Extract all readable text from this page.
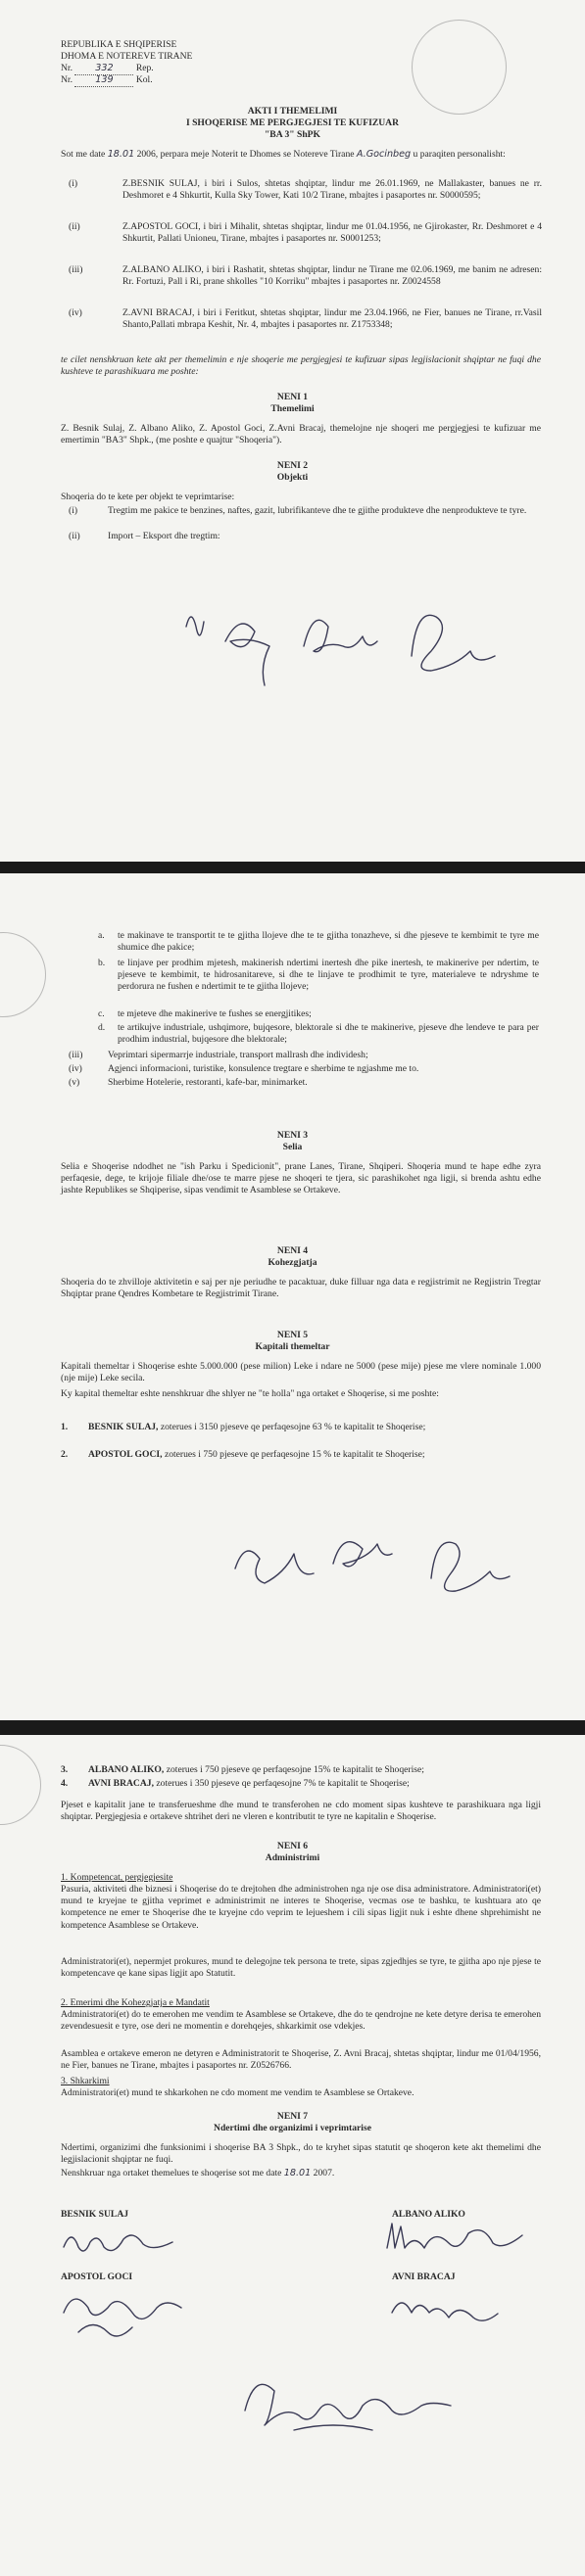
REPUBLIKA E SHQIPERISE
DHOMA E NOTEREVE TIRANE
Nr. 332 Rep.
Nr. 139 Kol.
AKTI I THEMELIMI
I SHOQERISE ME PERGJEGJESI TE KUFIZUAR
"BA 3" ShPK
Sot me date 18.01 2006, perpara meje Noterit te Dhomes se Notereve Tirane A.Gocinbeg u paraqiten personalisht:
(i)	Z.BESNIK SULAJ, i biri i Sulos, shtetas shqiptar, lindur me 26.01.1969, ne Mallakaster, banues ne rr. Deshmoret e 4 Shkurtit, Kulla Sky Tower, Kati 10/2 Tirane, mbajtes i pasaportes nr. S0000595;
(ii)	Z.APOSTOL GOCI, i biri i Mihalit, shtetas shqiptar, lindur me 01.04.1956, ne Gjirokaster, Rr. Deshmoret e 4 Shkurtit, Pallati Unioneu, Tirane, mbajtes i pasaportes nr. S0001253;
(iii)	Z.ALBANO ALIKO, i biri i Rashatit, shtetas shqiptar, lindur ne Tirane me 02.06.1969, me banim ne adresen: Rr. Fortuzi, Pall i Ri, prane shkolles "10 Korriku" mbajtes i pasaportes nr. Z0024558
(iv)	Z.AVNI BRACAJ, i biri i Feritkut, shtetas shqiptar, lindur me 23.04.1966, ne Fier, banues ne Tirane, rr.Vasil Shanto,Pallati mbrapa Keshit, Nr. 4, mbajtes i pasaportes nr. Z1753348;
te cilet nenshkruan kete akt per themelimin e nje shoqerie me pergjegjesi te kufizuar sipas legjislacionit shqiptar ne fuqi dhe kushteve te parashikuara me poshte:
NENI 1
Themelimi
Z. Besnik Sulaj, Z. Albano Aliko, Z. Apostol Goci, Z.Avni Bracaj, themelojne nje shoqeri me pergjegjesi te kufizuar me emertimin "BA3" Shpk., (me poshte e quajtur "Shoqeria").
NENI 2
Objekti
Shoqeria do te kete per objekt te veprimtarise:
(i)	Tregtim me pakice te benzines, naftes, gazit, lubrifikanteve dhe te gjithe produkteve dhe nenprodukteve te tyre.
(ii)	Import – Eksport dhe tregtim:
a. te makinave te transportit te te gjitha llojeve dhe te te gjitha tonazheve, si dhe pjeseve te kembimit te tyre me shumice dhe pakice;
b. te linjave per prodhim mjetesh, makinerish ndertimi inertesh dhe pike inertesh, te makinerive per ndertim, te pjeseve te kembimit, te hidrosanitareve, si dhe te linjave te prodhimit te tyre, materialeve te ndryshme te perdorura ne fushen e ndertimit te te gjitha llojeve;
c. te mjeteve dhe makinerive te fushes se energjitikes;
d. te artikujve industriale, ushqimore, bujqesore, blektorale si dhe te makinerive, pjeseve dhe lendeve te para per prodhim industrial, bujqesore dhe blektorale;
(iii)	Veprimtari sipermarrje industriale, transport mallrash dhe individesh;
(iv)	Agjenci informacioni, turistike, konsulence tregtare e sherbime te ngjashme me to.
(v)	Sherbime Hotelerie, restoranti, kafe-bar, minimarket.
NENI 3
Selia
Selia e Shoqerise ndodhet ne "ish Parku i Spedicionit", prane Lanes, Tirane, Shqiperi. Shoqeria mund te hape edhe zyra perfaqesie, dege, te krijoje filiale dhe/ose te marre pjese ne shoqeri te tjera, sic parashikohet nga ligji, si brenda ashtu edhe jashte Republikes se Shqiperise, sipas vendimit te Asamblese se Ortakeve.
NENI 4
Kohezgjatja
Shoqeria do te zhvilloje aktivitetin e saj per nje periudhe te pacaktuar, duke filluar nga data e regjistrimit ne Regjistrin Tregtar Shqiptar prane Qendres Kombetare te Regjistrimit Tirane.
NENI 5
Kapitali themeltar
Kapitali themeltar i Shoqerise eshte 5.000.000 (pese milion) Leke i ndare ne 5000 (pese mije) pjese me vlere nominale 1.000 (nje mije) Leke secila.
Ky kapital themeltar eshte nenshkruar dhe shlyer ne "te holla" nga ortaket e Shoqerise, si me poshte:
1. BESNIK SULAJ, zoterues i 3150 pjeseve qe perfaqesojne 63 % te kapitalit te Shoqerise;
2. APOSTOL GOCI, zoterues i 750 pjeseve qe perfaqesojne 15 % te kapitalit te Shoqerise;
3. ALBANO ALIKO, zoterues i 750 pjeseve qe perfaqesojne 15% te kapitalit te Shoqerise;
4. AVNI BRACAJ, zoterues i 350 pjeseve qe perfaqesojne 7% te kapitalit te Shoqerise;
Pjeset e kapitalit jane te transferueshme dhe mund te transferohen ne cdo moment sipas kushteve te parashikuara nga ligji shqiptar. Pergjegjesia e ortakeve shtrihet deri ne vleren e kontributit te tyre ne kapitalin e Shoqerise.
NENI 6
Administrimi
1. Kompetencat, pergjegjesite
Pasuria, aktiviteti dhe biznesi i Shoqerise do te drejtohen dhe administrohen nga nje ose disa administratore. Administratori(et) mund te kryejne te gjitha veprimet e administrimit ne interes te Shoqerise, vecmas ose te bashku, te kushtuara ato qe kompetence ne emer te Shoqerise dhe te kryejne cdo veprim te lejueshem i cili sipas ligjit nuk i eshte dhene shprehimisht ne kompetence Asamblese se Ortakeve.
Administratori(et), nepermjet prokures, mund te delegojne tek persona te trete, sipas zgjedhjes se tyre, te gjitha apo nje pjese te kompetencave qe kane sipas ligjit apo Statutit.
2. Emerimi dhe Kohezgjatja e Mandatit
Administratori(et) do te emerohen me vendim te Asamblese se Ortakeve, dhe do te qendrojne ne kete detyre derisa te emerohen zevendesuesit e tyre, ose deri ne momentin e dorehqejes, shkarkimit ose vdekjes.
Asamblea e ortakeve emeron ne detyren e Administratorit te Shoqerise, Z. Avni Bracaj, shtetas shqiptar, lindur me 01/04/1956, ne Fier, banues ne Tirane, mbajtes i pasaportes nr. Z0526766.
3. Shkarkimi
Administratori(et) mund te shkarkohen ne cdo moment me vendim te Asamblese se Ortakeve.
NENI 7
Ndertimi dhe organizimi i veprimtarise
Ndertimi, organizimi dhe funksionimi i shoqerise BA 3 Shpk., do te kryhet sipas statutit qe shoqeron kete akt themelimi dhe legjislacionit shqiptar ne fuqi.
Nenshkruar nga ortaket themelues te shoqerise sot me date 18.01 2007.
BESNIK SULAJ	ALBANO ALIKO
APOSTOL GOCI	AVNI BRACAJ
